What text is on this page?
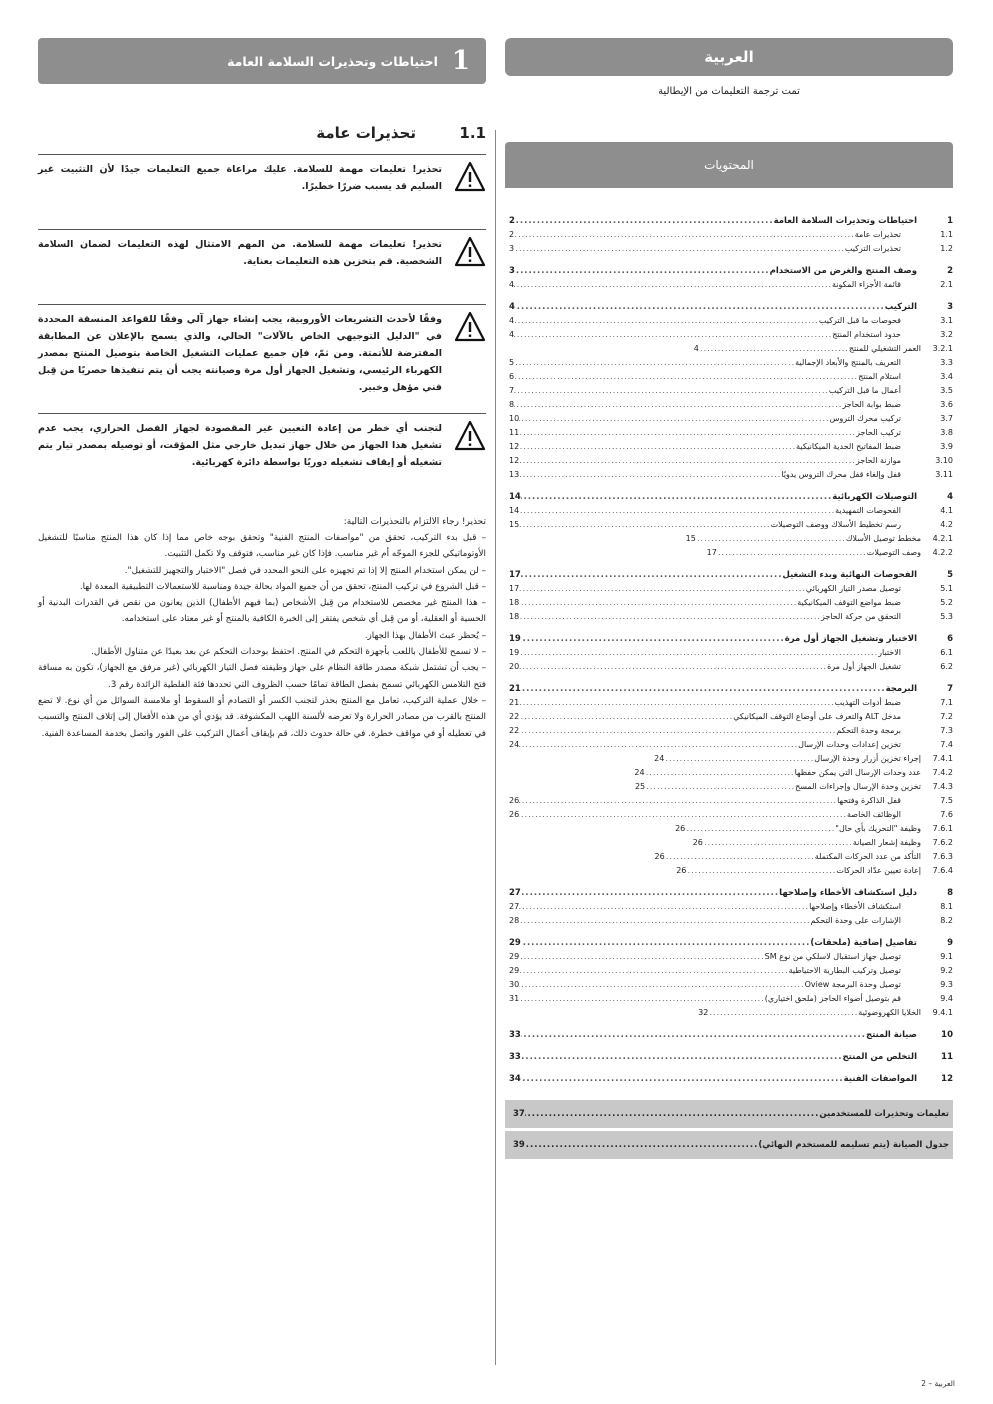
العربية
تمت ترجمة التعليمات من الإيطالية
المحتويات
1
احتياطات وتحذيرات السلامة العامة
.....
2
1.1
تحذيرات عامة
.....
2
1.2
تحذيرات التركيب
.....
3
2
وصف المنتج والغرض من الاستخدام
.....
3
2.1
قائمة الأجزاء المكونة
.....
4
3
التركيب
.....
4
3.1
فحوصات ما قبل التركيب
.....
4
3.2
حدود استخدام المنتج
.....
4
3.2.1
العمر التشغيلي للمنتج
.....
4
3.3
التعريف بالمنتج والأبعاد الإجمالية
.....
5
3.4
استلام المنتج
.....
6
3.5
أعمال ما قبل التركيب
.....
7
3.6
ضبط بوابة الحاجز
.....
8
3.7
تركيب محرك التروس
.....
10
3.8
تركيب الحاجز
.....
11
3.9
ضبط المفاتيح الحدية الميكانيكية
.....
12
3.10
موازنة الحاجز
.....
12
3.11
قفل وإلغاء قفل محرك التروس يدويًا
.....
13
4
التوصيلات الكهربائية
.....
14
4.1
الفحوصات التمهيدية
.....
14
4.2
رسم تخطيط الأسلاك ووصف التوصيلات
.....
15
4.2.1
مخطط توصيل الأسلاك
.....
15
4.2.2
وصف التوصيلات
.....
17
5
الفحوصات النهائية وبدء التشغيل
.....
17
5.1
توصيل مصدر التيار الكهربائي
.....
17
5.2
ضبط مواضع التوقف الميكانيكية
.....
18
5.3
التحقق من حركة الحاجز
.....
18
6
الاختبار وتشغيل الجهاز أول مرة
.....
19
6.1
الاختبار
.....
19
6.2
تشغيل الجهاز أول مرة
.....
20
7
البرمجة
.....
21
7.1
ضبط أدوات التهذيب
.....
21
7.2
مدخل ALT والتعرف على أوضاع التوقف الميكانيكي
.....
22
7.3
برمجة وحدة التحكم
.....
22
7.4
تخزين إعدادات وحدات الإرسال
.....
24
7.4.1
إجراء تخزين أزرار وحدة الإرسال
.....
24
7.4.2
عدد وحدات الإرسال التي يمكن حفظها
.....
24
7.4.3
تخزين وحدة الإرسال وإجراءات المسح
.....
25
7.5
قفل الذاكرة وفتحها
.....
26
7.6
الوظائف الخاصة
.....
26
7.6.1
وظيفة "التحريك بأي حال"
.....
26
7.6.2
وظيفة إشعار الصيانة
.....
26
7.6.3
التأكد من عدد الحركات المكتملة
.....
26
7.6.4
إعادة تعيين عدّاد الحركات
.....
26
8
دليل استكشاف الأخطاء وإصلاحها
.....
27
8.1
استكشاف الأخطاء وإصلاحها
.....
27
8.2
الإشارات على وحدة التحكم
.....
28
9
تفاصيل إضافية (ملحقات)
.....
29
9.1
توصيل جهاز استقبال لاسلكي من نوع SM
.....
29
9.2
توصيل وتركيب البطارية الاحتياطية
.....
29
9.3
توصيل وحدة البرمجة Oview
.....
30
9.4
قم بتوصيل أضواء الحاجز (ملحق اختياري)
.....
31
9.4.1
الخلايا الكهروضوئية
.....
32
10
صيانة المنتج
.....
33
11
التخلص من المنتج
.....
33
12
المواصفات الفنية
.....
34
تعليمات وتحذيرات للمستخدمين
.....
37
جدول الصيانة (يتم تسليمه للمستخدم النهائي)
.....
39
1
احتياطات وتحذيرات السلامة العامة
1.1
تحذيرات عامة
تحذير! تعليمات مهمة للسلامة. عليك مراعاة جميع التعليمات جيدًا لأن التثبيت غير السليم قد يسبب ضررًا خطيرًا.
تحذير! تعليمات مهمة للسلامة. من المهم الامتثال لهذه التعليمات لضمان السلامة الشخصية. قم بتخزين هذه التعليمات بعناية.
وفقًا لأحدث التشريعات الأوروبية، يجب إنشاء جهاز آلي وفقًا للقواعد المنسقة المحددة في "الدليل التوجيهي الخاص بالآلات" الحالي، والذي يسمح بالإعلان عن المطابقة المفترضة للأتمتة. ومن ثمّ، فإن جميع عمليات التشغيل الخاصة بتوصيل المنتج بمصدر الكهرباء الرئيسي، وتشغيل الجهاز أول مرة وصيانته يجب أن يتم تنفيذها حصريًا من قِبل فني مؤهل وخبير.
لتجنب أي خطر من إعادة التعيين غير المقصودة لجهاز الفصل الحراري، يجب عدم تشغيل هذا الجهاز من خلال جهاز تبديل خارجي مثل المؤقت، أو توصيله بمصدر تيار يتم تشغيله أو إيقاف تشغيله دوريًا بواسطة دائرة كهربائية.
تحذير! رجاء الالتزام بالتحذيرات التالية:

– قبل بدء التركيب، تحقق من "مواصفات المنتج الفنية" وتحقق بوجه خاص مما إذا كان هذا المنتج مناسبًا للتشغيل الأوتوماتيكي للجزء الموجّه أم غير مناسب. فإذا كان غير مناسب، فتوقف ولا تكمل التثبيت.

– لن يمكن استخدام المنتج إلا إذا تم تجهيزه على النحو المحدد في فصل "الاختبار والتجهيز للتشغيل".

– قبل الشروع في تركيب المنتج، تحقق من أن جميع المواد بحالة جيدة ومناسبة للاستعمالات التطبيقية المعدة لها.

– هذا المنتج غير مخصص للاستخدام من قِبل الأشخاص (بما فيهم الأطفال) الذين يعانون من نقص في القدرات البدنية أو الحسية أو العقلية، أو من قِبل أي شخص يفتقر إلى الخبرة الكافية بالمنتج أو غير معتاد على استخدامه.

– يُحظر عبث الأطفال بهذا الجهاز.

– لا تسمح للأطفال باللعب بأجهزة التحكم في المنتج. احتفظ بوحدات التحكم عن بعد بعيدًا عن متناول الأطفال.

– يجب أن تشتمل شبكة مصدر طاقة النظام على جهاز وظيفته فصل التيار الكهربائي (غير مرفق مع الجهاز)، تكون به مسافة فتح التلامس الكهربائي تسمح بفصل الطاقة تمامًا حسب الظروف التي تحددها فئة الفلطية الزائدة رقم 3.

– خلال عملية التركيب، تعامل مع المنتج بحذر لتجنب الكسر أو التصادم أو السقوط أو ملامسة السوائل من أي نوع. لا تضع المنتج بالقرب من مصادر الحرارة ولا تعرضه لألسنة اللهب المكشوفة. قد يؤدي أي من هذه الأفعال إلى إتلاف المنتج والتسبب في تعطيله أو في مواقف خطرة. في حالة حدوث ذلك، قم بإيقاف أعمال التركيب على الفور واتصل بخدمة المساعدة الفنية.

العربية – 2
